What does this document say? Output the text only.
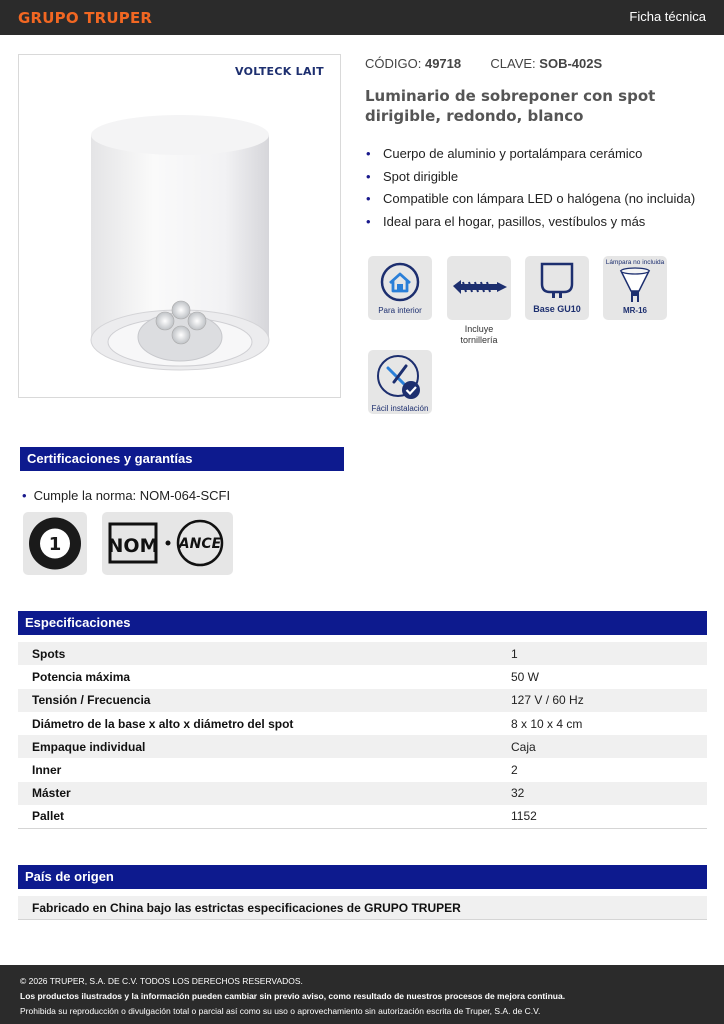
GRUPO TRUPER	Ficha técnica
VOLTECK LAIT
CÓDIGO: 49718 CLAVE: SOB-402S
Luminario de sobreponer con spot dirigible, redondo, blanco
• Cuerpo de aluminio y portalámpara cerámico
• Spot dirigible
• Compatible con lámpara LED o halógena (no incluida)
• Ideal para el hogar, pasillos, vestíbulos y más
Para interior
Incluye tornillería
Base GU10
Lámpara no incluida
MR-16
Fácil instalación
Certificaciones y garantías
• Cumple la norma: NOM-064-SCFI
1 NOM ANCE
Especificaciones
Spots	1
Potencia máxima	50 W
Tensión / Frecuencia	127 V / 60 Hz
Diámetro de la base x alto x diámetro del spot	8 x 10 x 4 cm
Empaque individual	Caja
Inner	2
Máster	32
Pallet	1152
País de origen
Fabricado en China bajo las estrictas especificaciones de GRUPO TRUPER
© 2026 TRUPER, S.A. DE C.V. TODOS LOS DERECHOS RESERVADOS.
Los productos ilustrados y la información pueden cambiar sin previo aviso, como resultado de nuestros procesos de mejora continua.
Prohibida su reproducción o divulgación total o parcial así como su uso o aprovechamiento sin autorización escrita de Truper, S.A. de C.V.
